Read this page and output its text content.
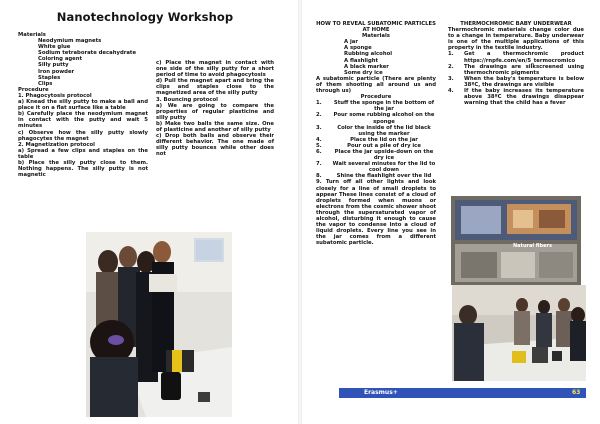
Nanotechnology Workshop

Materials

Neodymium magnets

White glue

Sodium tetraborate decahydrate

Coloring agent

Silly putty

Iron powder

Staples

Clips

Procedure

1. Phagocytosis protocol

a) Knead the silly putty to make a ball and place it on a flat surface like a table

b) Carefully place the neodymium magnet in contact with the putty and wait 5 minutes

c) Observe how the silly putty slowly phagocytes the magnet

2. Magnetization protocol

a) Spread a few clips and staples on the table

b) Place the silly putty close to them. Nothing happens. The silly putty is not magnetic

c) Place the magnet in contact with one side of the silly putty for a short period of time to avoid phagocytosis

d) Pull the magnet apart and bring the clips and staples close to the magnetized area of the silly putty

3. Bouncing protocol

a) We are going to compare the properties of regular plasticine and silly putty

b) Make two balls the same size. One of plasticine and another of silly putty

c) Drop both balls and observe their different behavior. The one made of silly putty bounces while other does not

HOW TO REVEAL SUBATOMIC PARTICLES AT HOME

Materials

A jar

A sponge

Rubbing alcohol

A flashlight

A black marker

Some dry ice

A subatomic particle (There are plenty of them shooting all around us and through us)

Procedure

1.	Stuff the sponge in the bottom of the jar
2.	Pour some rubbing alcohol on the sponge
3.	Color the inside of the lid black using the marker
4.	Place the lid on the jar
5.	Pour out a pile of dry ice
6.	Place the jar upside-down on the dry ice
7.	Wait several minutes for the lid to cool down
8.	Shine the flashlight over the lid

9. Turn off all other lights and look closely for a line of small droplets to appear These lines consist of a cloud of droplets formed when muons or electrons from the cosmic shower shoot through the supersaturated vapor of alcohol, disturbing it enough to cause the vapor to condense into a cloud of liquid droplets. Every line you see in the jar comes from a different subatomic particle.

THERMOCHROMIC BABY UNDERWEAR

Thermochromic materials change color due to a change in temperature. Baby underwear is one of the multiple applications of this property in the textile industry.

1.	Get a thermochromic product https://rnpfe.com/en/5_termocromico
2.	The drawings are silkscreened using thermochromic pigments
3.	When the baby's temperature is below 38ºC, the drawings are visible
4.	If the baby increases its temperature above 38ºC the drawings disappear warning that the child has a fever
Natural fibers
Erasmus+	63
